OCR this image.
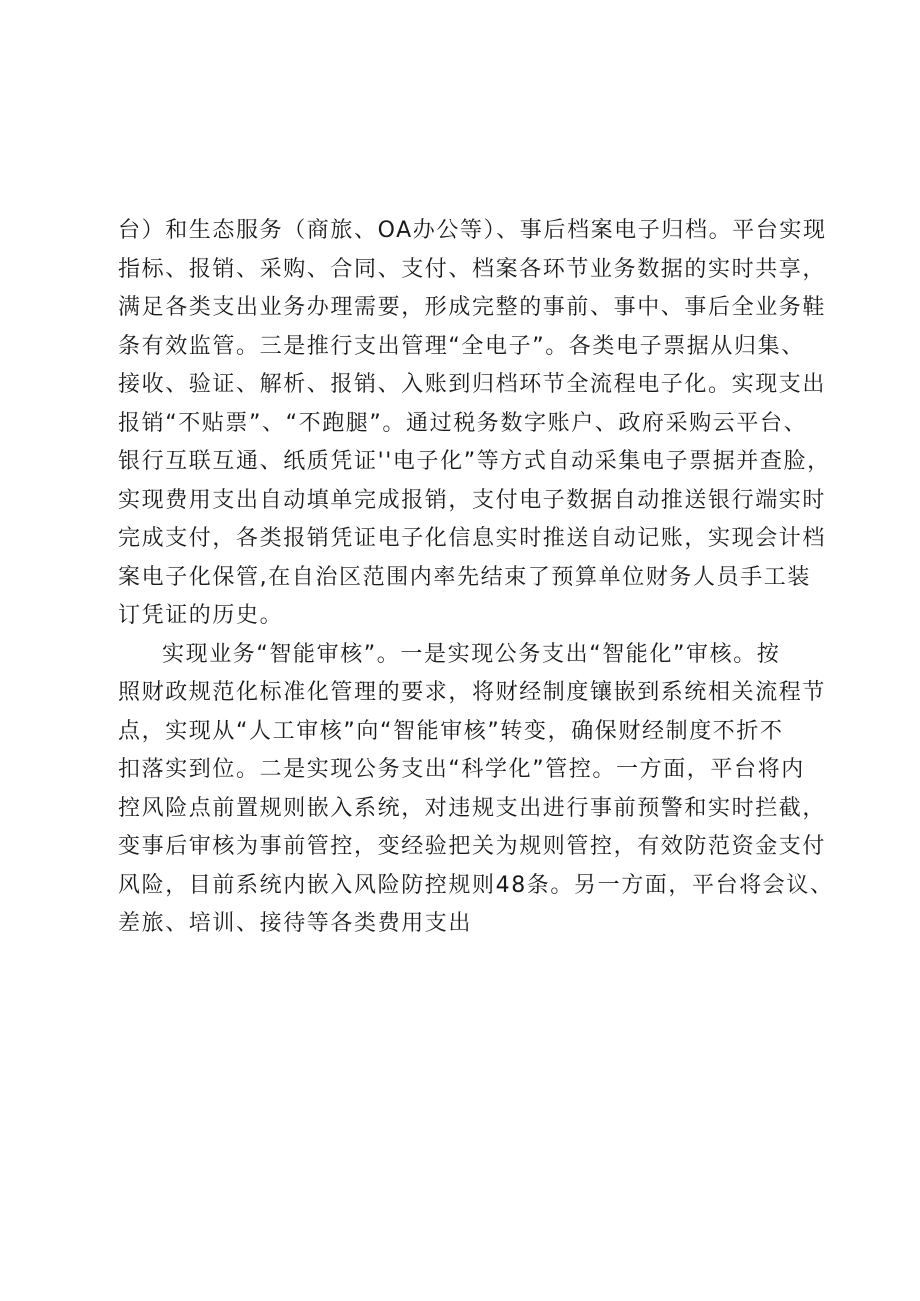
台）和生态服务（商旅、OA办公等）、事后档案电子归档。平台实现
指标、报销、采购、合同、支付、档案各环节业务数据的实时共享，
满足各类支出业务办理需要，形成完整的事前、事中、事后全业务鞋
条有效监管。三是推行支出管理“全电子”。各类电子票据从归集、
接收、验证、解析、报销、入账到归档环节全流程电子化。实现支出
报销“不贴票”、“不跑腿”。通过税务数字账户、政府采购云平台、
银行互联互通、纸质凭证''电子化”等方式自动采集电子票据并查脸，
实现费用支出自动填单完成报销，支付电子数据自动推送银行端实时
完成支付，各类报销凭证电子化信息实时推送自动记账，实现会计档
案电子化保管,在自治区范围内率先结束了预算单位财务人员手工装
订凭证的历史。
实现业务“智能审核”。一是实现公务支出“智能化”审核。按
照财政规范化标准化管理的要求，将财经制度镶嵌到系统相关流程节
点，实现从“人工审核”向“智能审核”转变，确保财经制度不折不
扣落实到位。二是实现公务支出“科学化”管控。一方面，平台将内
控风险点前置规则嵌入系统，对违规支出进行事前预警和实时拦截，
变事后审核为事前管控，变经验把关为规则管控，有效防范资金支付
风险，目前系统内嵌入风险防控规则48条。另一方面，平台将会议、
差旅、培训、接待等各类费用支出
